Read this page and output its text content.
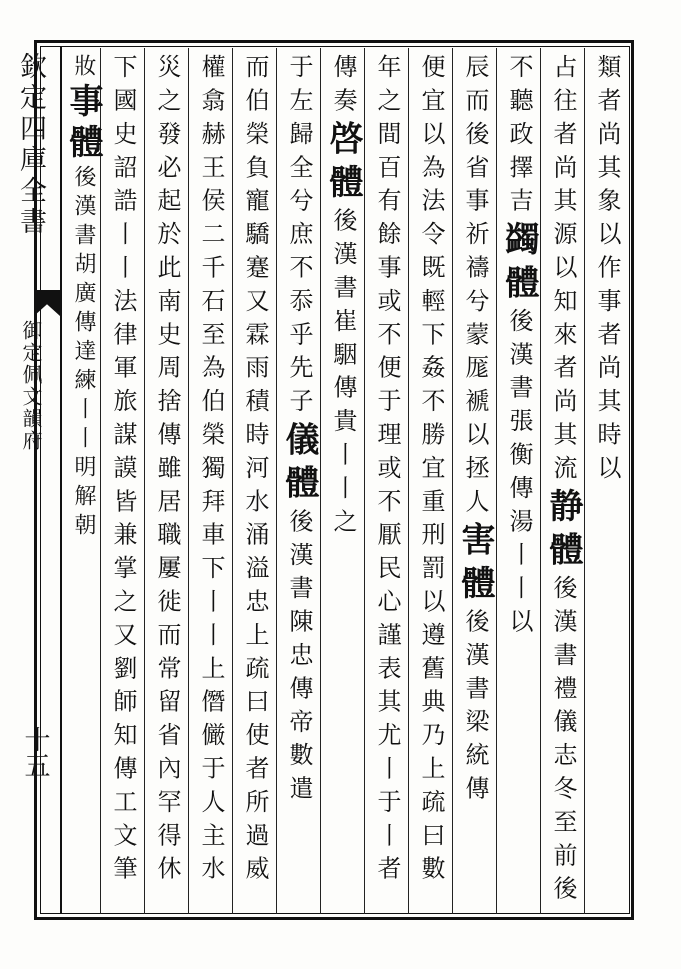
欽定四庫全書
御定佩文韻府
十五
類者尚其象以作事者尚其時以
占往者尚其源以知來者尚其流静體後漢書禮儀志冬至前後
不聽政擇吉蠲體後漢書張衡傳湯丨丨以
辰而後省事祈禱兮蒙厖褫以拯人害體後漢書梁統傳
便宜以為法令既輕下姦不勝宜重刑罰以遵舊典乃上疏曰數
年之間百有餘事或不便于理或不厭民心謹表其尤丨于丨者
傳奏啓體後漢書崔駰傳貴丨丨之
于左歸全兮庶不忝乎先子儀體後漢書陳忠傳帝數遣
而伯榮負寵驕蹇又霖雨積時河水涌溢忠上疏曰使者所過威
權翕赫王侯二千石至為伯榮獨拜車下丨丨上僭𠑊于人主水
災之發必起於此南史周捨傳雖居職屢徙而常留省內罕得休
下國史詔誥丨丨法律軍旅謀謨皆兼掌之又劉師知傳工文筆
妝事體後漢書胡廣傳達練丨丨明解朝
